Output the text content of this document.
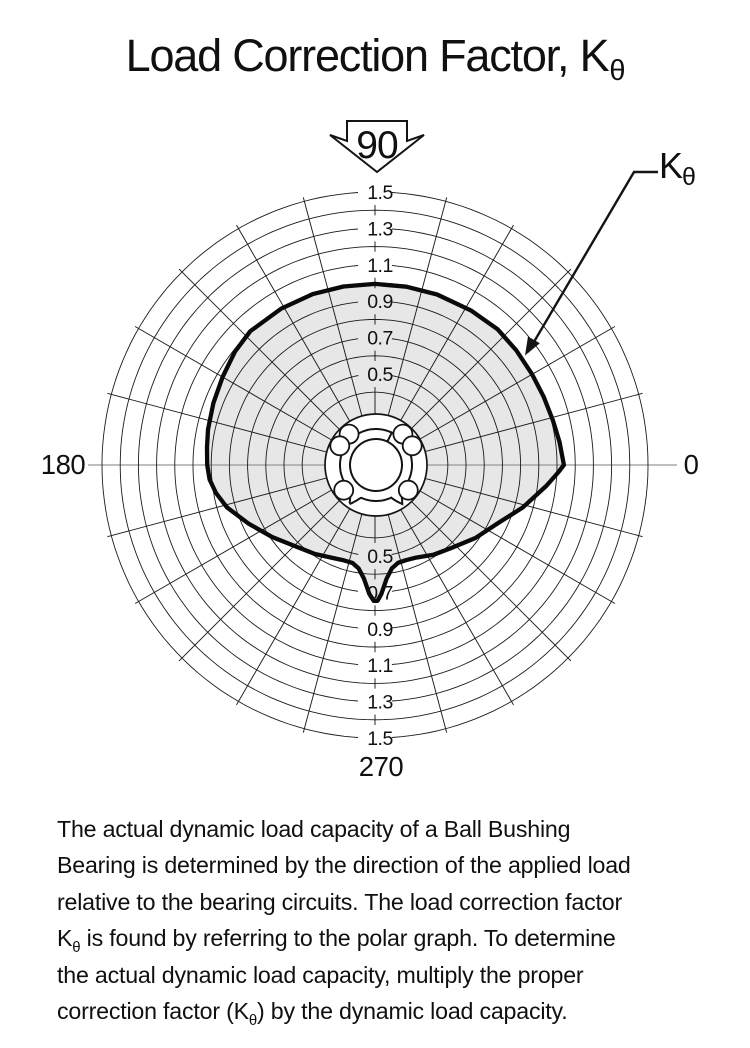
0.5
0.5
0.7
0.7
0.9
0.9
1.1
1.1
1.3
1.3
1.5
1.5
90
0
180
270
Load Correction Factor, $K_\theta$
Kθ
The actual dynamic load capacity of a Ball Bushing
Bearing is determined by the direction of the applied load
relative to the bearing circuits. The load correction factor
$K_\theta$ is found by referring to the polar graph. To determine
the actual dynamic load capacity, multiply the proper
correction factor $(K_\theta)$ by the dynamic load capacity.
